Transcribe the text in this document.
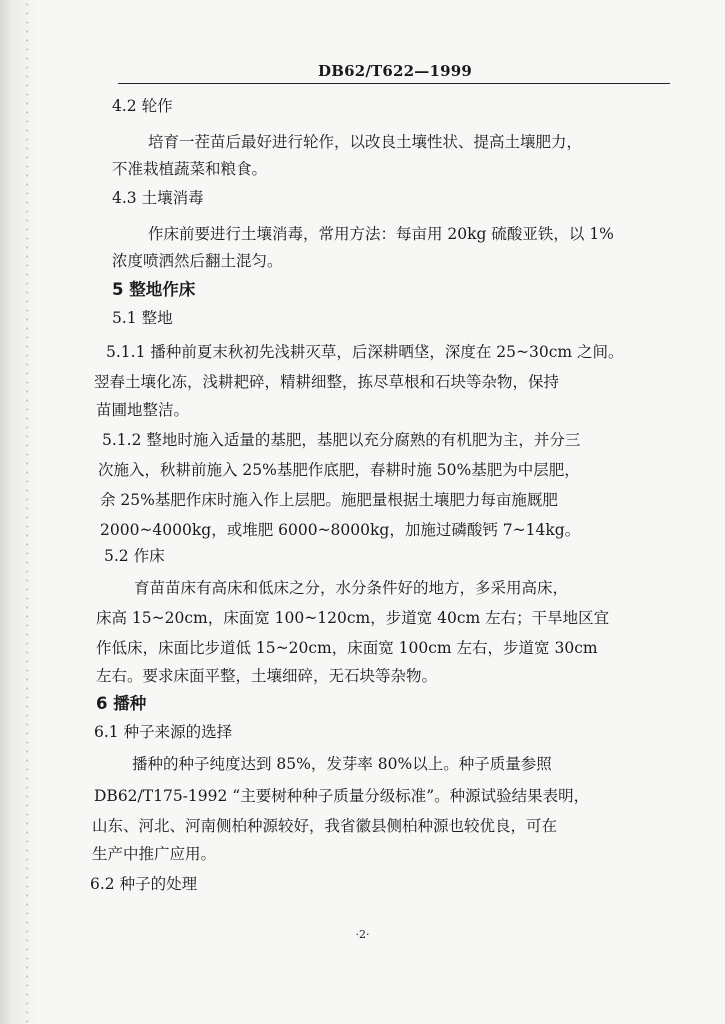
DB62/T622—1999
4.2 轮作
培育一茬苗后最好进行轮作，以改良土壤性状、提高土壤肥力，
不准栽植蔬菜和粮食。
4.3 土壤消毒
作床前要进行土壤消毒，常用方法：每亩用 20kg 硫酸亚铁，以 1%
浓度喷洒然后翻土混匀。
5 整地作床
5.1 整地
5.1.1 播种前夏末秋初先浅耕灭草，后深耕晒垡，深度在 25~30cm 之间。
翌春土壤化冻，浅耕耙碎，精耕细整，拣尽草根和石块等杂物，保持
苗圃地整洁。
5.1.2 整地时施入适量的基肥，基肥以充分腐熟的有机肥为主，并分三
次施入，秋耕前施入 25%基肥作底肥，春耕时施 50%基肥为中层肥，
余 25%基肥作床时施入作上层肥。施肥量根据土壤肥力每亩施厩肥
2000~4000kg，或堆肥 6000~8000kg，加施过磷酸钙 7~14kg。
5.2 作床
育苗苗床有高床和低床之分，水分条件好的地方，多采用高床，
床高 15~20cm，床面宽 100~120cm，步道宽 40cm 左右；干旱地区宜
作低床，床面比步道低 15~20cm，床面宽 100cm 左右，步道宽 30cm
左右。要求床面平整，土壤细碎，无石块等杂物。
6 播种
6.1 种子来源的选择
播种的种子纯度达到 85%，发芽率 80%以上。种子质量参照
DB62/T175-1992 “主要树种种子质量分级标准”。种源试验结果表明，
山东、河北、河南侧柏种源较好，我省徽县侧柏种源也较优良，可在
生产中推广应用。
6.2 种子的处理
·2·
